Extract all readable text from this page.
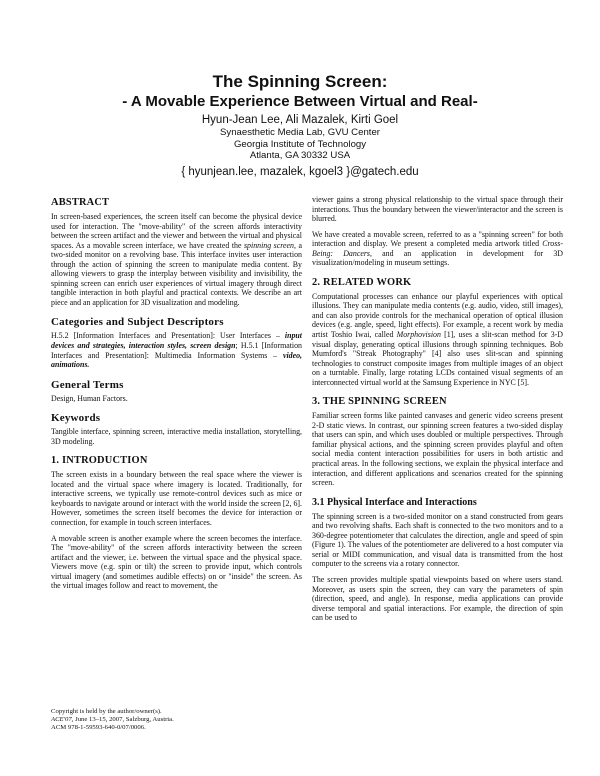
The Spinning Screen:
- A Movable Experience Between Virtual and Real-
Hyun-Jean Lee, Ali Mazalek, Kirti Goel
Synaesthetic Media Lab, GVU Center
Georgia Institute of Technology
Atlanta, GA 30332 USA
{ hyunjean.lee, mazalek, kgoel3 }@gatech.edu
ABSTRACT

In screen-based experiences, the screen itself can become the physical device used for interaction. The "move-ability" of the screen affords interactivity between the screen artifact and the viewer and between the virtual and physical spaces. As a movable screen interface, we have created the spinning screen, a two-sided monitor on a revolving base. This interface invites user interaction through the action of spinning the screen to manipulate media content. By allowing viewers to grasp the interplay between visibility and invisibility, the spinning screen can enrich user experiences of virtual imagery through direct tangible interaction in both playful and practical contexts. We describe an art piece and an application for 3D visualization and modeling.

Categories and Subject Descriptors

H.5.2 [Information Interfaces and Presentation]: User Interfaces – input devices and strategies, interaction styles, screen design; H.5.1 [Information Interfaces and Presentation]: Multimedia Information Systems – video, animations.

General Terms

Design, Human Factors.

Keywords

Tangible interface, spinning screen, interactive media installation, storytelling, 3D modeling.

1. INTRODUCTION

The screen exists in a boundary between the real space where the viewer is located and the virtual space where imagery is located. Traditionally, for interactive screens, we typically use remote-control devices such as mice or keyboards to navigate around or interact with the world inside the screen [2, 6]. However, sometimes the screen itself becomes the device for interaction or connection, for example in touch screen interfaces.

A movable screen is another example where the screen becomes the interface. The "move-ability" of the screen affords interactivity between the screen artifact and the viewer, i.e. between the virtual space and the physical space. Viewers move (e.g. spin or tilt) the screen to provide input, which controls virtual imagery (and sometimes audible effects) on or "inside" the screen. As the virtual images follow and react to movement, the

Copyright is held by the author/owner(s).
ACE'07, June 13–15, 2007, Salzburg, Austria.
ACM 978-1-59593-640-0/07/0006.

viewer gains a strong physical relationship to the virtual space through their interactions. Thus the boundary between the viewer/interactor and the screen is blurred.

We have created a movable screen, referred to as a "spinning screen" for both interaction and display. We present a completed media artwork titled Cross-Being: Dancers, and an application in development for 3D visualization/modeling in museum settings.

2. RELATED WORK

Computational processes can enhance our playful experiences with optical illusions. They can manipulate media contents (e.g. audio, video, still images), and can also provide controls for the mechanical operation of optical illusion devices (e.g. angle, speed, light effects). For example, a recent work by media artist Toshio Iwai, called Morphovision [1], uses a slit-scan method for 3-D visual display, generating optical illusions through spinning techniques. Bob Mumford's "Streak Photography" [4] also uses slit-scan and spinning technologies to construct composite images from multiple images of an object on a turntable. Finally, large rotating LCDs contained visual segments of an interconnected virtual world at the Samsung Experience in NYC [5].

3. THE SPINNING SCREEN

Familiar screen forms like painted canvases and generic video screens present 2-D static views. In contrast, our spinning screen features a two-sided display that users can spin, and which uses doubled or multiple perspectives. Through familiar physical actions, and the spinning screen provides playful and often social media content interaction possibilities for users in both artistic and practical areas. In the following sections, we explain the physical interface and interaction, and different applications and scenarios created for the spinning screen.

3.1 Physical Interface and Interactions

The spinning screen is a two-sided monitor on a stand constructed from gears and two revolving shafts. Each shaft is connected to the two monitors and to a 360-degree potentiometer that calculates the direction, angle and speed of spin (Figure 1). The values of the potentiometer are delivered to a host computer via serial or MIDI communication, and visual data is transmitted from the host computer to the screens via a rotary connector.

The screen provides multiple spatial viewpoints based on where users stand. Moreover, as users spin the screen, they can vary the parameters of spin (direction, speed, and angle). In response, media applications can provide diverse temporal and spatial interactions. For example, the direction of spin can be used to
